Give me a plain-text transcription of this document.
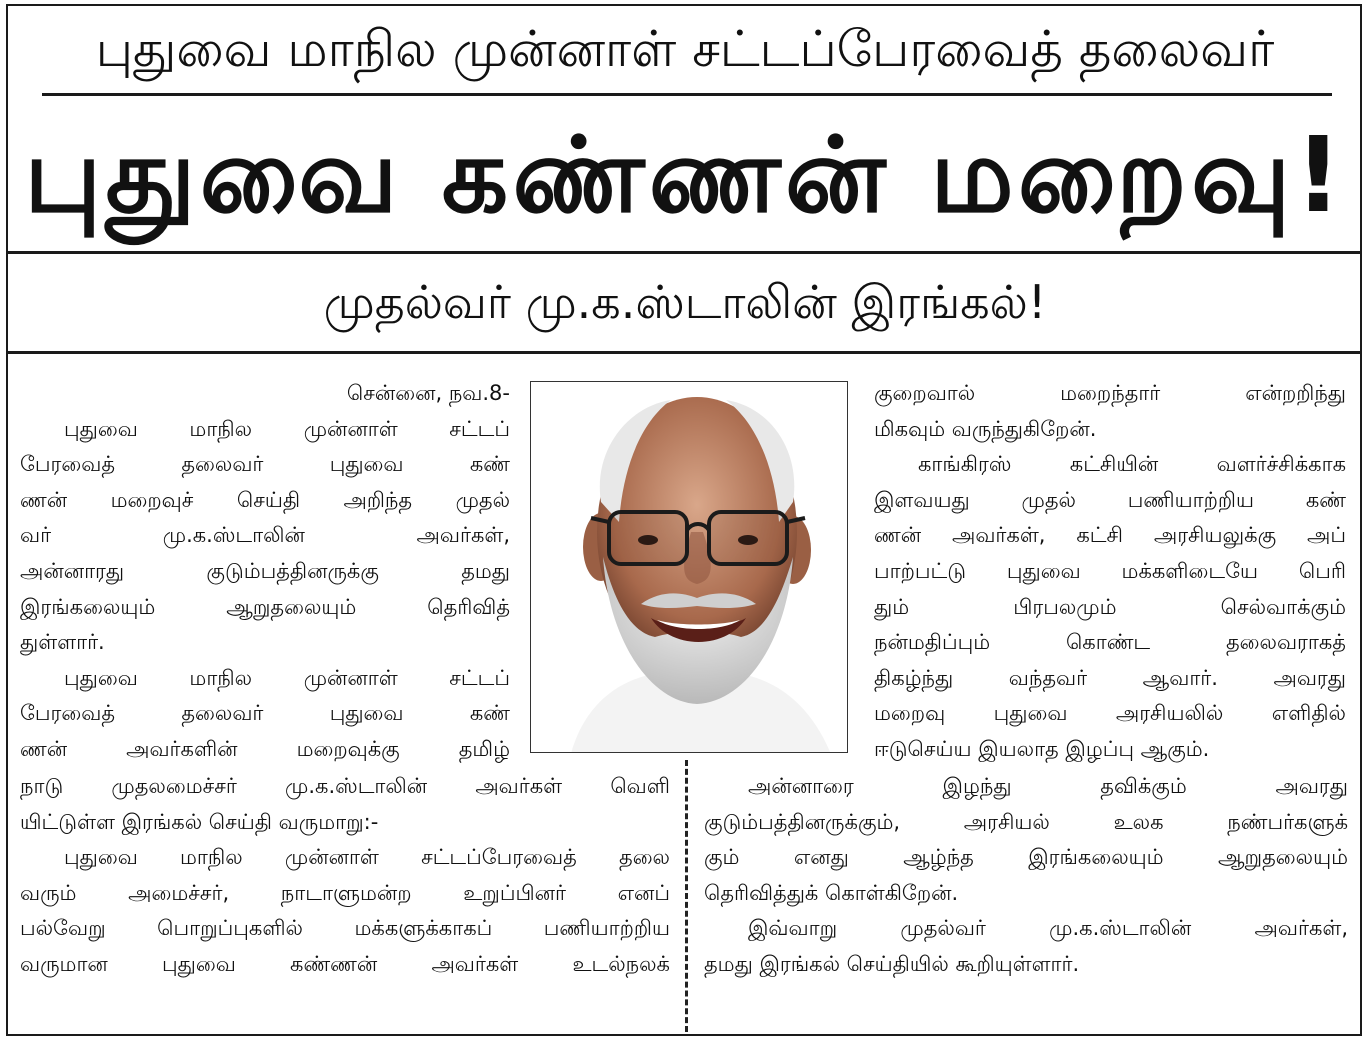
புதுவை மாநில முன்னாள் சட்டப்பேரவைத் தலைவர்
புதுவை கண்ணன் மறைவு!
முதல்வர் மு.க.ஸ்டாலின் இரங்கல்!
சென்னை, நவ.8-
புதுவை மாநில முன்னாள் சட்டப்
பேரவைத் தலைவர் புதுவை கண்
ணன் மறைவுச் செய்தி அறிந்த முதல்
வர் மு.க.ஸ்டாலின் அவர்கள்,
அன்னாரது குடும்பத்தினருக்கு தமது
இரங்கலையும் ஆறுதலையும் தெரிவித்
துள்ளார்.
புதுவை மாநில முன்னாள் சட்டப்
பேரவைத் தலைவர் புதுவை கண்
ணன் அவர்களின் மறைவுக்கு தமிழ்
நாடு முதலமைச்சர் மு.க.ஸ்டாலின் அவர்கள் வெளி
யிட்டுள்ள இரங்கல் செய்தி வருமாறு:-
புதுவை மாநில முன்னாள் சட்டப்பேரவைத் தலை
வரும் அமைச்சர், நாடாளுமன்ற உறுப்பினர் எனப்
பல்வேறு பொறுப்புகளில் மக்களுக்காகப் பணியாற்றிய
வருமான புதுவை கண்ணன் அவர்கள் உடல்நலக்
குறைவால் மறைந்தார் என்றறிந்து
மிகவும் வருந்துகிறேன்.
காங்கிரஸ் கட்சியின் வளர்ச்சிக்காக
இளவயது முதல் பணியாற்றிய கண்
ணன் அவர்கள், கட்சி அரசியலுக்கு அப்
பாற்பட்டு புதுவை மக்களிடையே பெரி
தும் பிரபலமும் செல்வாக்கும்
நன்மதிப்பும் கொண்ட தலைவராகத்
திகழ்ந்து வந்தவர் ஆவார். அவரது
மறைவு புதுவை அரசியலில் எளிதில்
ஈடுசெய்ய இயலாத இழப்பு ஆகும்.
அன்னாரை இழந்து தவிக்கும் அவரது
குடும்பத்தினருக்கும், அரசியல் உலக நண்பர்களுக்
கும் எனது ஆழ்ந்த இரங்கலையும் ஆறுதலையும்
தெரிவித்துக் கொள்கிறேன்.
இவ்வாறு முதல்வர் மு.க.ஸ்டாலின் அவர்கள்,
தமது இரங்கல் செய்தியில் கூறியுள்ளார்.
